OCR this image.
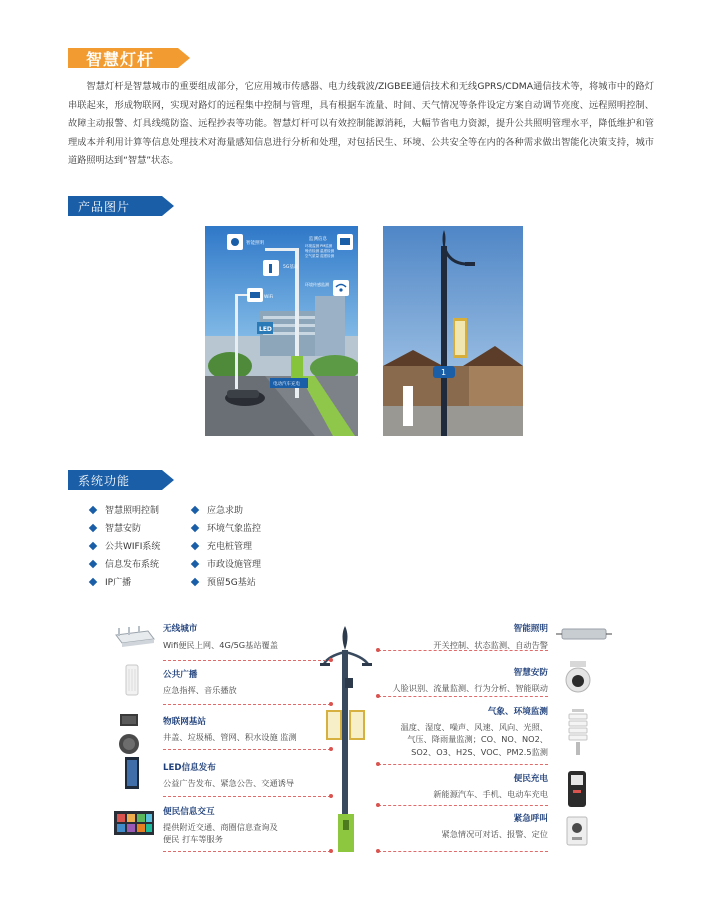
智慧灯杆
智慧灯杆是智慧城市的重要组成部分，它应用城市传感器、电力线载波/ZIGBEE通信技术和无线GPRS/CDMA通信技术等，将城市中的路灯串联起来，形成物联网，实现对路灯的远程集中控制与管理，具有根据车流量、时间、天气情况等条件设定方案自动调节亮度、远程照明控制、故障主动报警、灯具线缆防盗、远程抄表等功能。智慧灯杆可以有效控制能源消耗，大幅节省电力资源，提升公共照明管理水平，降低维护和管理成本并利用计算等信息处理技术对海量感知信息进行分析和处理，对包括民生、环境、公共安全等在内的各种需求做出智能化决策支持，城市道路照明达到“智慧”状态。
产品图片
智能照明
监测信息
环境监测 PM监测
噪音检测 温度检测
空气质量 湿度检测
5G基站
WiFi
环境传感监测
LED
电动汽车充电
1
系统功能
智慧照明控制	应急求助
智慧安防	环境气象监控
公共WIFI系统	充电桩管理
信息发布系统	市政设施管理
IP广播	预留5G基站
无线城市
Wifi便民上网、4G/5G基站覆盖
公共广播
应急指挥、音乐播放
物联网基站
井盖、垃圾桶、管网、积水设施 监测
LED信息发布
公益广告发布、紧急公告、交通诱导
便民信息交互
提供附近交通、商圈信息查询及
便民 打车等服务
智能照明
开关控制、状态监测、自动告警
智慧安防
人脸识别、流量监测、行为分析、智能联动
气象、环境监测
温度、湿度、噪声、风速、风向、光照、
气压、降雨量监测；CO、NO、NO2、
SO2、O3、H2S、VOC、PM2.5监测
便民充电
新能源汽车、手机、电动车充电
紧急呼叫
紧急情况可对话、报警、定位
